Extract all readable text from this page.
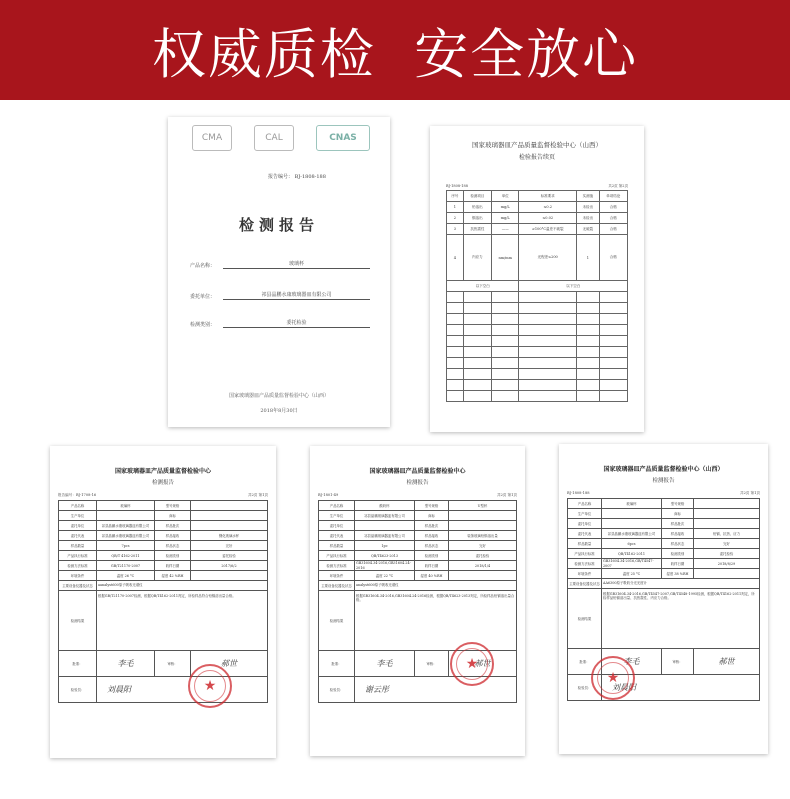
权威质检  安全放心
CMA	CAL	CNAS
报告编号： BJ-1808-188
检测报告
产品名称：	玻璃杯
委托单位：	祁县晶鹏水康玻璃器皿有限公司
检测类别：	委托检验
国家玻璃器皿产品质量监督检验中心（山西）
2018年8月30日
国家玻璃器皿产品质量监督检验中心（山西）
检验报告续页
BJ-1808-188	共2页 第2页
序号	检测项目	单位	标准要求	实测值	单项结论
1	铅溶出	mg/L	≤0.2	未检出	合格
2	镉溶出	mg/L	≤0.02	未检出	合格
3	抗热震性	——	≥100°C温差不破裂	无破裂	合格
4	内应力	nm/mm	光程差≤200	1	合格
以下空白			以下空白		

国家玻璃器皿产品质量监督检验中心
检测报告
报告编号：BJ-1708-16	共2页 第1页
产品名称	玻璃杯	型号规格	
生产单位		商标	
委托单位	祁县晶鹏水康玻璃器皿有限公司	样品批次	
委托代表	祁县晶鹏水康玻璃器皿有限公司	样品接收	钢化玻璃水杯
样品数量	7pcs	样品状态	完好
产品执行标准	QB/T 4162-2011	检测类别	委托检验
检测方法标准	GB/T21170-2007	收样日期	2017/6/2
环境条件	温度 26 °C	湿度 42 %RH	
主要设备仪器及状态	aanalyst600原子吸收光谱仪		
检测结果	根据GB/T21170-2007检测，根据QB/T4162-2011判定，所检样品符合铅镉溶出量合格。		
批准：	李毛	审核：	郝世
检验员：	刘晨阳			★
国家玻璃器皿产品质量监督检验中心
检测报告
BJ-1801-49	共2页 第1页
产品名称	酸奶杯	型号规格	U型杯
生产单位	祁县晶鹏玻璃器皿有限公司	商标	
委托单位		样品批次	
委托代表	祁县晶鹏玻璃器皿有限公司	样品接收	装饰玻璃铅镉溶出量
样品数量	1pc	样品状态	完好
产品执行标准	QB/T4623-2013	检测类别	委托检验
检测方法标准	GB31604.34-2016,GB31604.24-2016	收样日期	2018/1/4
环境条件	温度 22 °C	湿度 40 %RH	
主要设备仪器及状态	analyst600原子吸收光谱仪		
检测结果	根据GB31604.34-2016,GB31604.24-2016检测，根据QB/T4623-2013判定，所检样品铅镉溶出量合格。		
批准：	李毛	审核：	郝世
检验员：	谢云彤		
★
国家玻璃器皿产品质量监督检验中心（山西）
检测报告
BJ-1808-188	共2页 第1页
产品名称	玻璃杯	型号规格	
生产单位		商标	
委托单位		样品批次	
委托代表	祁县晶鹏水康玻璃器皿有限公司	样品接收	铅镉、抗热、应力
样品数量	6pcs	样品状态	完好
产品执行标准	QB/T4162-2011	检测类别	委托检验
检测方法标准	GB31604.34-2016,GB/T4547-2007	收样日期	2018/8/29
环境条件	温度 25 °C	湿度 38 %RH	
主要设备仪器及状态	AA6300原子吸收分光光度计		
检测结果	根据GB31604.34-2016,GB/T4547-2007,GB/T4548-1995检测，根据QB/T4162-2011判定，所检样品铅镉溶出量、抗热震性、内应力合格。		
批准：	李毛	审核：	郝世
检验员：	刘晨阳		
★
